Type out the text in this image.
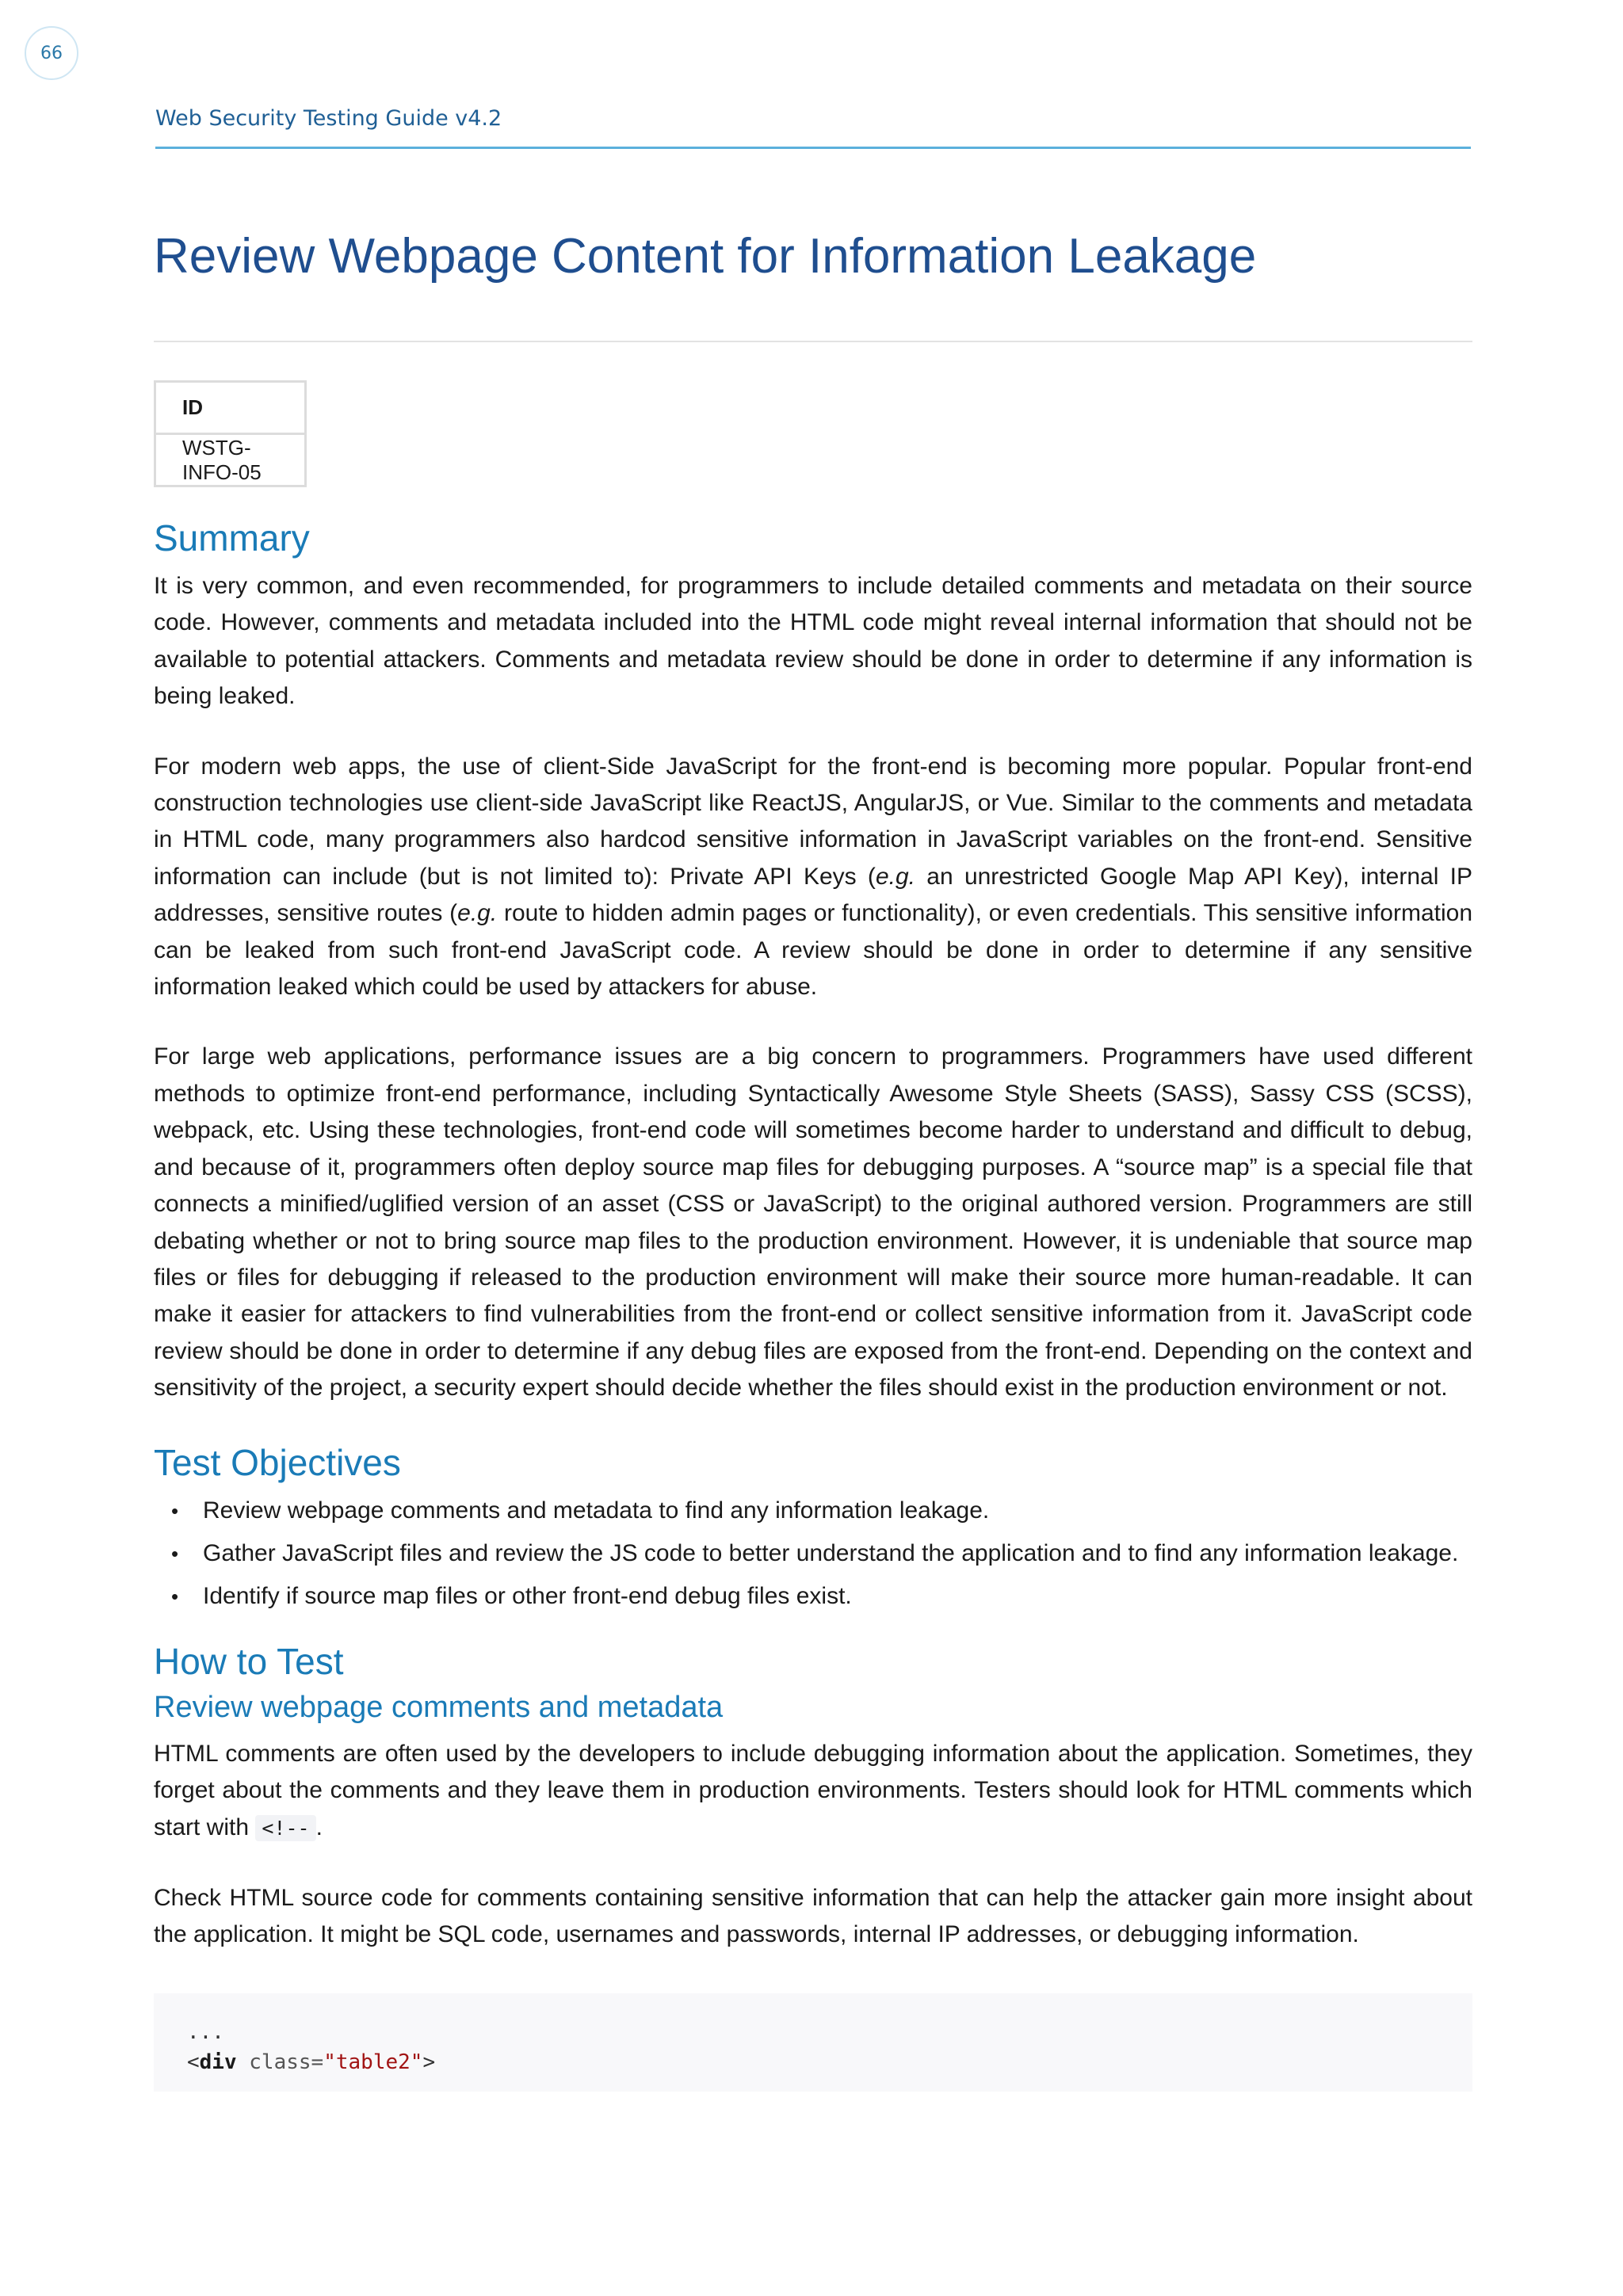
66
Web Security Testing Guide v4.2
Review Webpage Content for Information Leakage
ID
WSTG-INFO-05
Summary

It is very common, and even recommended, for programmers to include detailed comments and metadata on their source code. However, comments and metadata included into the HTML code might reveal internal information that should not be available to potential attackers. Comments and metadata review should be done in order to determine if any information is being leaked.

For modern web apps, the use of client-Side JavaScript for the front-end is becoming more popular. Popular front-end construction technologies use client-side JavaScript like ReactJS, AngularJS, or Vue. Similar to the comments and metadata in HTML code, many programmers also hardcod sensitive information in JavaScript variables on the front-end. Sensitive information can include (but is not limited to): Private API Keys (e.g. an unrestricted Google Map API Key), internal IP addresses, sensitive routes (e.g. route to hidden admin pages or functionality), or even credentials. This sensitive information can be leaked from such front-end JavaScript code. A review should be done in order to determine if any sensitive information leaked which could be used by attackers for abuse.

For large web applications, performance issues are a big concern to programmers. Programmers have used different methods to optimize front-end performance, including Syntactically Awesome Style Sheets (SASS), Sassy CSS (SCSS), webpack, etc. Using these technologies, front-end code will sometimes become harder to understand and difficult to debug, and because of it, programmers often deploy source map files for debugging purposes. A “source map” is a special file that connects a minified/uglified version of an asset (CSS or JavaScript) to the original authored version. Programmers are still debating whether or not to bring source map files to the production environment. However, it is undeniable that source map files or files for debugging if released to the production environment will make their source more human-readable. It can make it easier for attackers to find vulnerabilities from the front-end or collect sensitive information from it. JavaScript code review should be done in order to determine if any debug files are exposed from the front-end. Depending on the context and sensitivity of the project, a security expert should decide whether the files should exist in the production environment or not.

Test Objectives
• Review webpage comments and metadata to find any information leakage.
• Gather JavaScript files and review the JS code to better understand the application and to find any information leakage.
• Identify if source map files or other front-end debug files exist.
How to Test
Review webpage comments and metadata

HTML comments are often used by the developers to include debugging information about the application. Sometimes, they forget about the comments and they leave them in production environments. Testers should look for HTML comments which start with <!-- .

Check HTML source code for comments containing sensitive information that can help the attacker gain more insight about the application. It might be SQL code, usernames and passwords, internal IP addresses, or debugging information.

...
<div class="table2">
